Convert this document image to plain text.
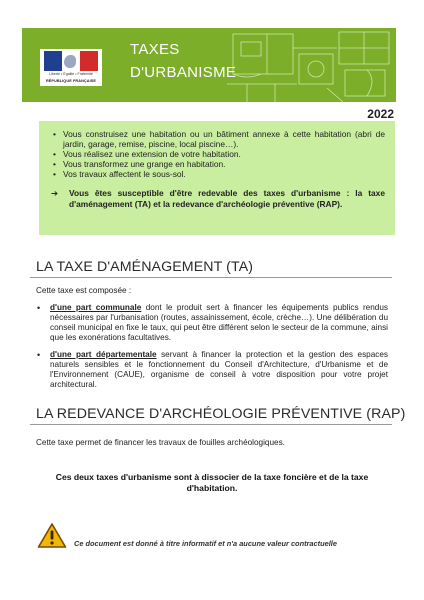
Liberté • Égalité • Fraternité
RÉPUBLIQUE FRANÇAISE
TAXES
D'URBANISME
2022
• Vous construisez une habitation ou un bâtiment annexe à cette habitation (abri de jardin, garage, remise, piscine, local piscine…).
• Vous réalisez une extension de votre habitation.
• Vous transformez une grange en habitation.
• Vos travaux affectent le sous-sol.
➔ Vous êtes susceptible d'être redevable des taxes d'urbanisme : la taxe d'aménagement (TA) et la redevance d'archéologie préventive (RAP).
LA TAXE D'AMÉNAGEMENT (TA)
Cette taxe est composée :
• d'une part communale dont le produit sert à financer les équipements publics rendus nécessaires par l'urbanisation (routes, assainissement, école, crèche…). Une délibération du conseil municipal en fixe le taux, qui peut être différent selon le secteur de la commune, ainsi que les exonérations facultatives.
• d'une part départementale servant à financer la protection et la gestion des espaces naturels sensibles et le fonctionnement du Conseil d'Architecture, d'Urbanisme et de l'Environnement (CAUE), organisme de conseil à votre disposition pour votre projet architectural.
LA REDEVANCE D'ARCHÉOLOGIE PRÉVENTIVE (RAP)
Cette taxe permet de financer les travaux de fouilles archéologiques.
Ces deux taxes d'urbanisme sont à dissocier de la taxe foncière et de la taxe d'habitation.
Ce document est donné à titre informatif et n'a aucune valeur contractuelle
